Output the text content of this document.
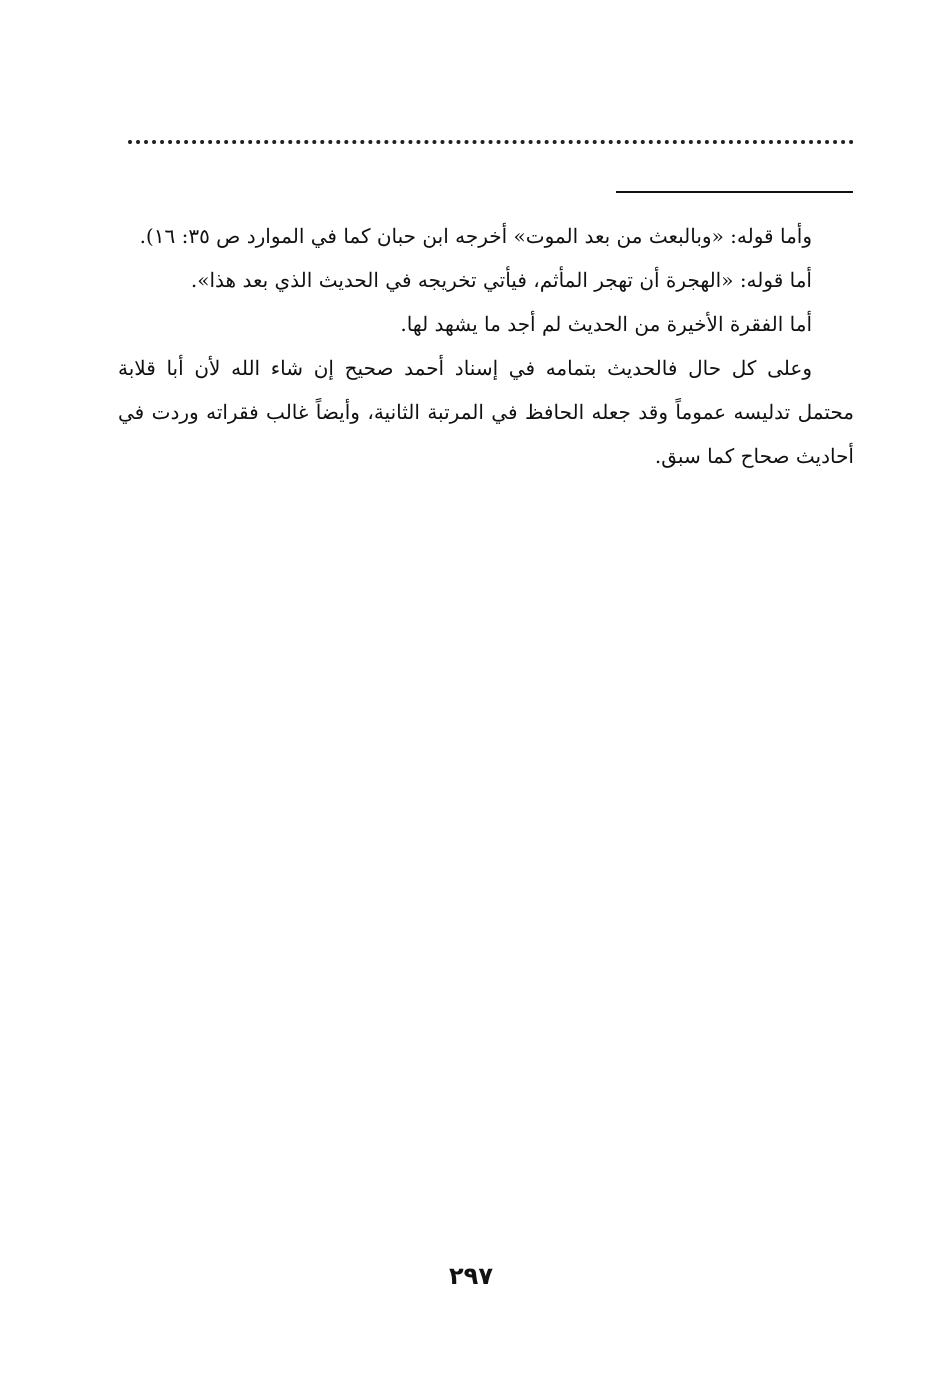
وأما قوله: «وبالبعث من بعد الموت» أخرجه ابن حبان كما في الموارد ص ٣٥: ١٦).

أما قوله: «الهجرة أن تهجر المأثم، فيأتي تخريجه في الحديث الذي بعد هذا».

أما الفقرة الأخيرة من الحديث لم أجد ما يشهد لها.

وعلى كل حال فالحديث بتمامه في إسناد أحمد صحيح إن شاء الله لأن أبا قلابة محتمل تدليسه عموماً وقد جعله الحافظ في المرتبة الثانية، وأيضاً غالب فقراته وردت في أحاديث صحاح كما سبق.

٢٩٧
